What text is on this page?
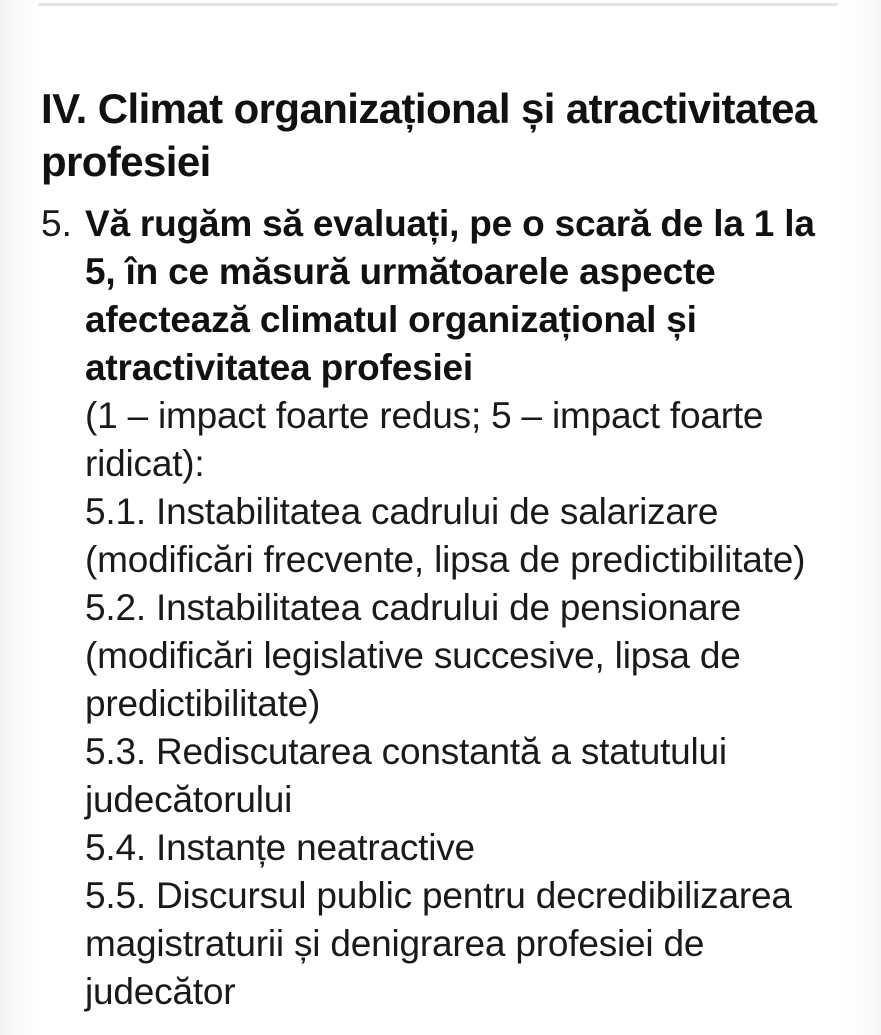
IV. Climat organizațional și atractivitatea profesiei
5. Vă rugăm să evaluați, pe o scară de la 1 la 5, în ce măsură următoarele aspecte afectează climatul organizațional și atractivitatea profesiei
(1 – impact foarte redus; 5 – impact foarte ridicat):
5.1. Instabilitatea cadrului de salarizare (modificări frecvente, lipsa de predictibilitate)
5.2. Instabilitatea cadrului de pensionare (modificări legislative succesive, lipsa de predictibilitate)
5.3. Rediscutarea constantă a statutului judecătorului
5.4. Instanțe neatractive
5.5. Discursul public pentru decredibilizarea magistraturii și denigrarea profesiei de judecător
